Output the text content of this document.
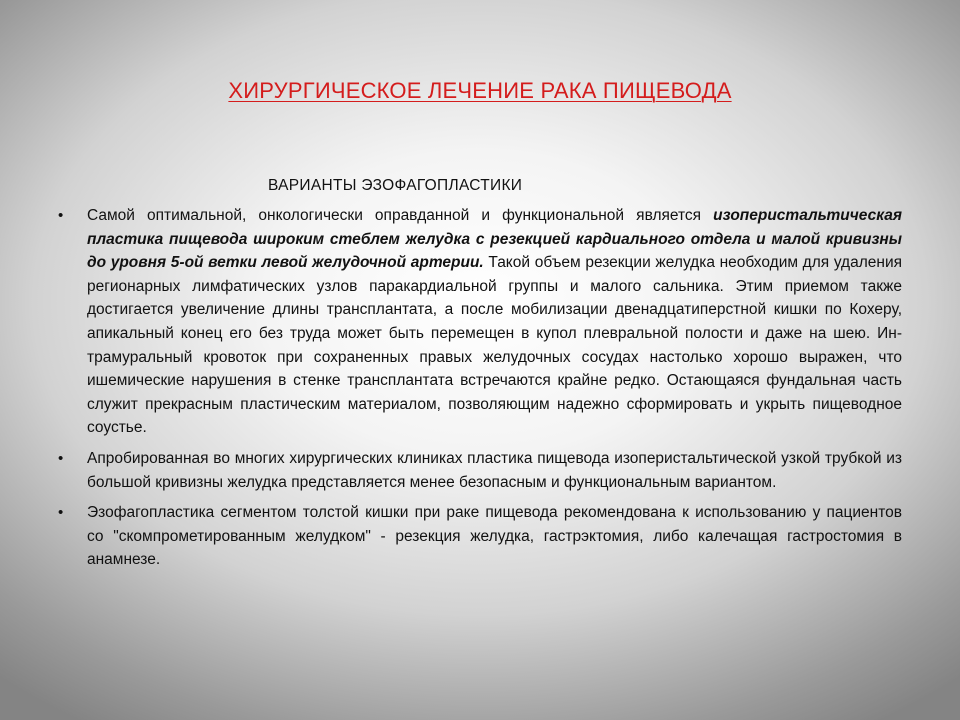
ХИРУРГИЧЕСКОЕ ЛЕЧЕНИЕ РАКА ПИЩЕВОДА
ВАРИАНТЫ ЭЗОФАГОПЛАСТИКИ
• Самой оптимальной, онкологически оправданной и функциональной является изоперистальтическая пластика пищевода широким стеблем желудка с резекцией кардиального отдела и малой кривизны до уровня 5-ой ветки левой желудочной артерии. Такой объем резекции желудка необходим для удаления регионарных лимфатических узлов паракардиальной группы и малого сальника. Этим приемом также достигается увеличение длины трансплантата, а после мобилизации двенадцатиперстной кишки по Кохеру, апикальный конец его без труда может быть перемещен в купол плевральной полости и даже на шею. Ин-трамуральный кровоток при сохраненных правых желудочных сосудах настолько хорошо выражен, что ишемические нарушения в стенке трансплантата встречаются крайне редко. Остающаяся фундальная часть служит прекрасным пластическим материалом, позволяющим надежно сформировать и укрыть пищеводное соустье.
• Апробированная во многих хирургических клиниках пластика пищевода изоперистальтической узкой трубкой из большой кривизны желудка представляется менее безопасным и функциональным вариантом.
• Эзофагопластика сегментом толстой кишки при раке пищевода рекомендована к использованию у пациентов со "скомпрометированным желудком" - резекция желудка, гастрэктомия, либо калечащая гастростомия в анамнезе.
